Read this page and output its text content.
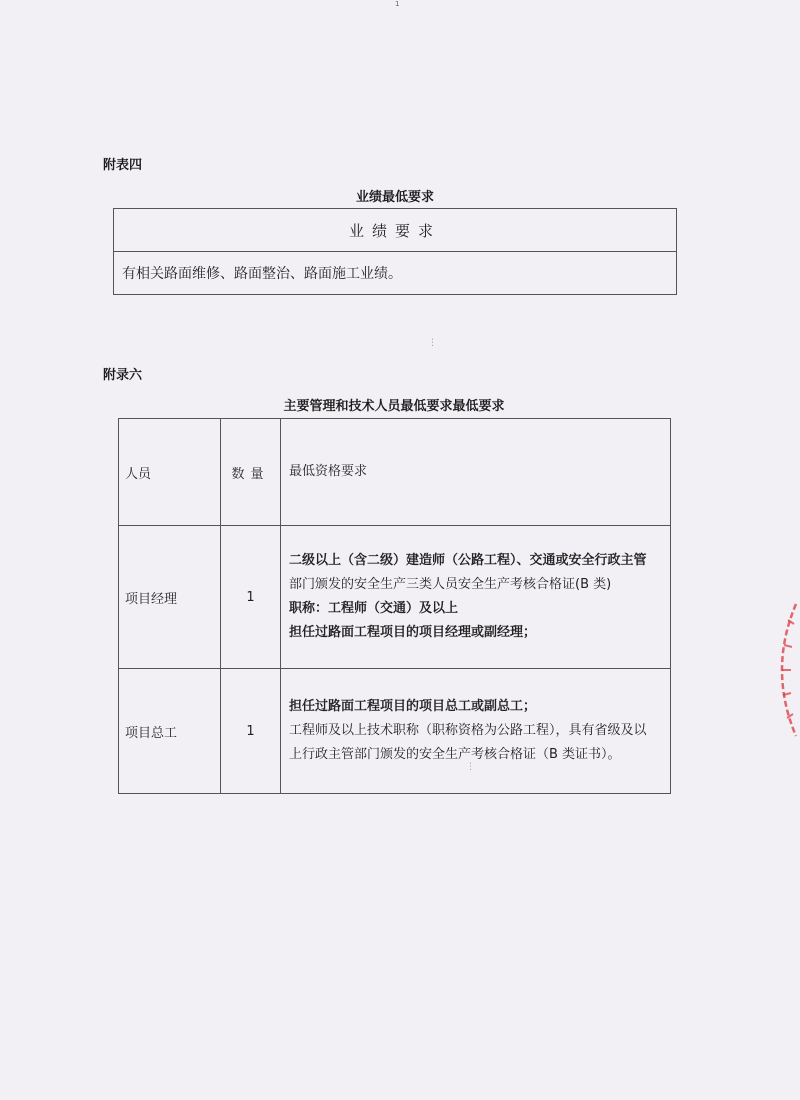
1
附表四
业绩最低要求
业绩要求
有相关路面维修、路面整治、路面施工业绩。
附录六
主要管理和技术人员最低要求最低要求
人员	数量	最低资格要求
项目经理	1	二级以上（含二级）建造师（公路工程）、交通或安全行政主管
部门颁发的安全生产三类人员安全生产考核合格证(B 类)
职称：工程师（交通）及以上
担任过路面工程项目的项目经理或副经理；

项目总工	1	担任过路面工程项目的项目总工或副总工；
工程师及以上技术职称（职称资格为公路工程），具有省级及以
上行政主管部门颁发的安全生产考核合格证（B 类证书）。
⋮
⋮
